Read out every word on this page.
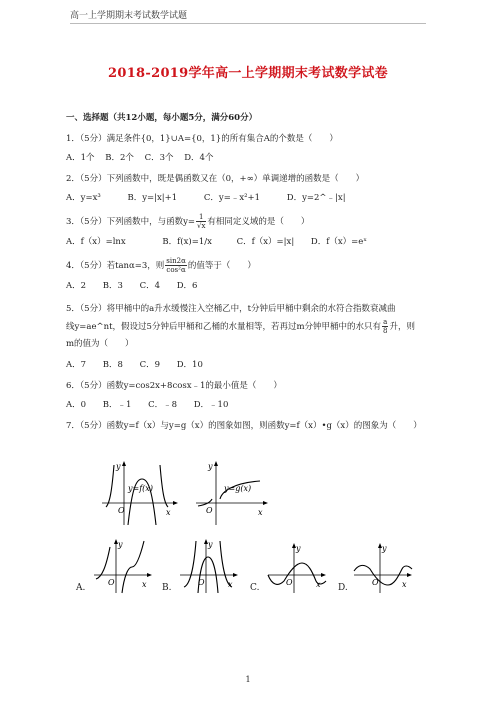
高一上学期期末考试数学试题
2018-2019学年高一上学期期末考试数学试卷
一、选择题（共12小题，每小题5分，满分60分）
1．（5分）满足条件{0，1}∪A={0，1}的所有集合A的个数是（　　）
A．1个 B．2个 C．3个 D．4个
2．（5分）下列函数中，既是偶函数又在（0，+∞）单调递增的函数是（　　）
A．y=x³	B．y=|x|+1	C．y=﹣x²+1	D．y=2^﹣|x|
3．（5分）下列函数中，与函数$y= \frac{1}{√x}$ 有相同定义域的是（　　）
A．f（x）=lnx	B．f(x)=1/x	C．f（x）=|x| D．f（x）=eˣ
4．（5分）若tanα=3，则 $\frac{\sin 2\alpha}{\text{cos²α}}$ 的值等于（　　）
A．2 B．3 C．4 D．6
5．（5分）将甲桶中的a升水缓慢注入空桶乙中，t分钟后甲桶中剩余的水符合指数衰减曲
线y=ae^nt，假设过5分钟后甲桶和乙桶的水量相等，若再过m分钟甲桶中的水只有 $\frac{a}{8}$ 升，则
m的值为（　　）
A．7 B．8 C．9 D．10
6．（5分）函数y=cos2x+8cosx﹣1的最小值是（　　）
A．0 B．﹣1 C．﹣8 D．﹣10
7．（5分）函数y=f（x）与y=g（x）的图象如图，则函数y=f（x）•g（x）的图象为（　　）
y=f(x)
O	x
y
y=g(x)
O	x
y
O	x
y
O	x
y
O	x
y
O	x
y
A.	B.	C.	D.
1
